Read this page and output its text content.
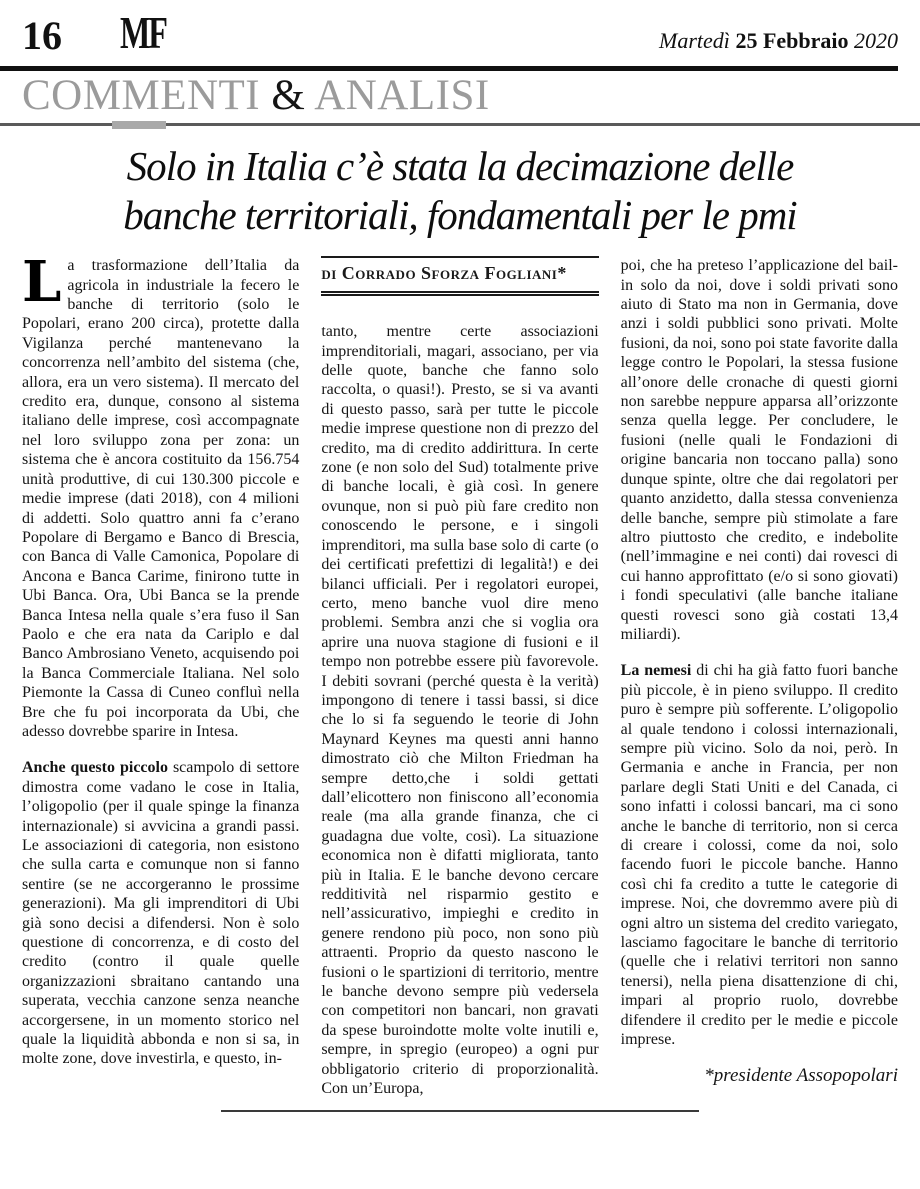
16 MF	Martedì 25 Febbraio 2020
COMMENTI & ANALISI
Solo in Italia c’è stata la decimazione delle
banche territoriali, fondamentali per le pmi

La trasformazione dell’Italia da agricola in industriale la fecero le banche di territorio (solo le Popolari, erano 200 circa), protette dalla Vigilanza perché mantenevano la concorrenza nell’ambito del sistema (che, allora, era un vero sistema). Il mercato del credito era, dunque, consono al sistema italiano delle imprese, così accompagnate nel loro sviluppo zona per zona: un sistema che è ancora costituito da 156.754 unità produttive, di cui 130.300 piccole e medie imprese (dati 2018), con 4 milioni di addetti. Solo quattro anni fa c’erano Popolare di Bergamo e Banco di Brescia, con Banca di Valle Camonica, Popolare di Ancona e Banca Carime, finirono tutte in Ubi Banca. Ora, Ubi Banca se la prende Banca Intesa nella quale s’era fuso il San Paolo e che era nata da Cariplo e dal Banco Ambrosiano Veneto, acquisendo poi la Banca Commerciale Italiana. Nel solo Piemonte la Cassa di Cuneo confluì nella Bre che fu poi incorporata da Ubi, che adesso dovrebbe sparire in Intesa.

Anche questo piccolo scampolo di settore dimostra come vadano le cose in Italia, l’oligopolio (per il quale spinge la finanza internazionale) si avvicina a grandi passi. Le associazioni di categoria, non esistono che sulla carta e comunque non si fanno sentire (se ne accorgeranno le prossime generazioni). Ma gli imprenditori di Ubi già sono decisi a difendersi. Non è solo questione di concorrenza, e di costo del credito (contro il quale quelle organizzazioni sbraitano cantando una superata, vecchia canzone senza neanche accorgersene, in un momento storico nel quale la liquidità abbonda e non si sa, in molte zone, dove investirla, e questo, in-

di Corrado Sforza Fogliani*

tanto, mentre certe associazioni imprenditoriali, magari, associano, per via delle quote, banche che fanno solo raccolta, o quasi!). Presto, se si va avanti di questo passo, sarà per tutte le piccole medie imprese questione non di prezzo del credito, ma di credito addirittura. In certe zone (e non solo del Sud) totalmente prive di banche locali, è già così. In genere ovunque, non si può più fare credito non conoscendo le persone, e i singoli imprenditori, ma sulla base solo di carte (o dei certificati prefettizi di legalità!) e dei bilanci ufficiali. Per i regolatori europei, certo, meno banche vuol dire meno problemi. Sembra anzi che si voglia ora aprire una nuova stagione di fusioni e il tempo non potrebbe essere più favorevole. I debiti sovrani (perché questa è la verità) impongono di tenere i tassi bassi, si dice che lo si fa seguendo le teorie di John Maynard Keynes ma questi anni hanno dimostrato ciò che Milton Friedman ha sempre detto,che i soldi gettati dall’elicottero non finiscono all’economia reale (ma alla grande finanza, che ci guadagna due volte, così). La situazione economica non è difatti migliorata, tanto più in Italia. E le banche devono cercare redditività nel risparmio gestito e nell’assicurativo, impieghi e credito in genere rendono più poco, non sono più attraenti. Proprio da questo nascono le fusioni o le spartizioni di territorio, mentre le banche devono sempre più vedersela con competitori non bancari, non gravati da spese buroindotte molte volte inutili e, sempre, in spregio (europeo) a ogni pur obbligatorio criterio di proporzionalità. Con un’Europa,

poi, che ha preteso l’applicazione del bail-in solo da noi, dove i soldi privati sono aiuto di Stato ma non in Germania, dove anzi i soldi pubblici sono privati. Molte fusioni, da noi, sono poi state favorite dalla legge contro le Popolari, la stessa fusione all’onore delle cronache di questi giorni non sarebbe neppure apparsa all’orizzonte senza quella legge. Per concludere, le fusioni (nelle quali le Fondazioni di origine bancaria non toccano palla) sono dunque spinte, oltre che dai regolatori per quanto anzidetto, dalla stessa convenienza delle banche, sempre più stimolate a fare altro piuttosto che credito, e indebolite (nell’immagine e nei conti) dai rovesci di cui hanno approfittato (e/o si sono giovati) i fondi speculativi (alle banche italiane questi rovesci sono già costati 13,4 miliardi).

La nemesi di chi ha già fatto fuori banche più piccole, è in pieno sviluppo. Il credito puro è sempre più sofferente. L’oligopolio al quale tendono i colossi internazionali, sempre più vicino. Solo da noi, però. In Germania e anche in Francia, per non parlare degli Stati Uniti e del Canada, ci sono infatti i colossi bancari, ma ci sono anche le banche di territorio, non si cerca di creare i colossi, come da noi, solo facendo fuori le piccole banche. Hanno così chi fa credito a tutte le categorie di imprese. Noi, che dovremmo avere più di ogni altro un sistema del credito variegato, lasciamo fagocitare le banche di territorio (quelle che i relativi territori non sanno tenersi), nella piena disattenzione di chi, impari al proprio ruolo, dovrebbe difendere il credito per le medie e piccole imprese.

*presidente Assopopolari
